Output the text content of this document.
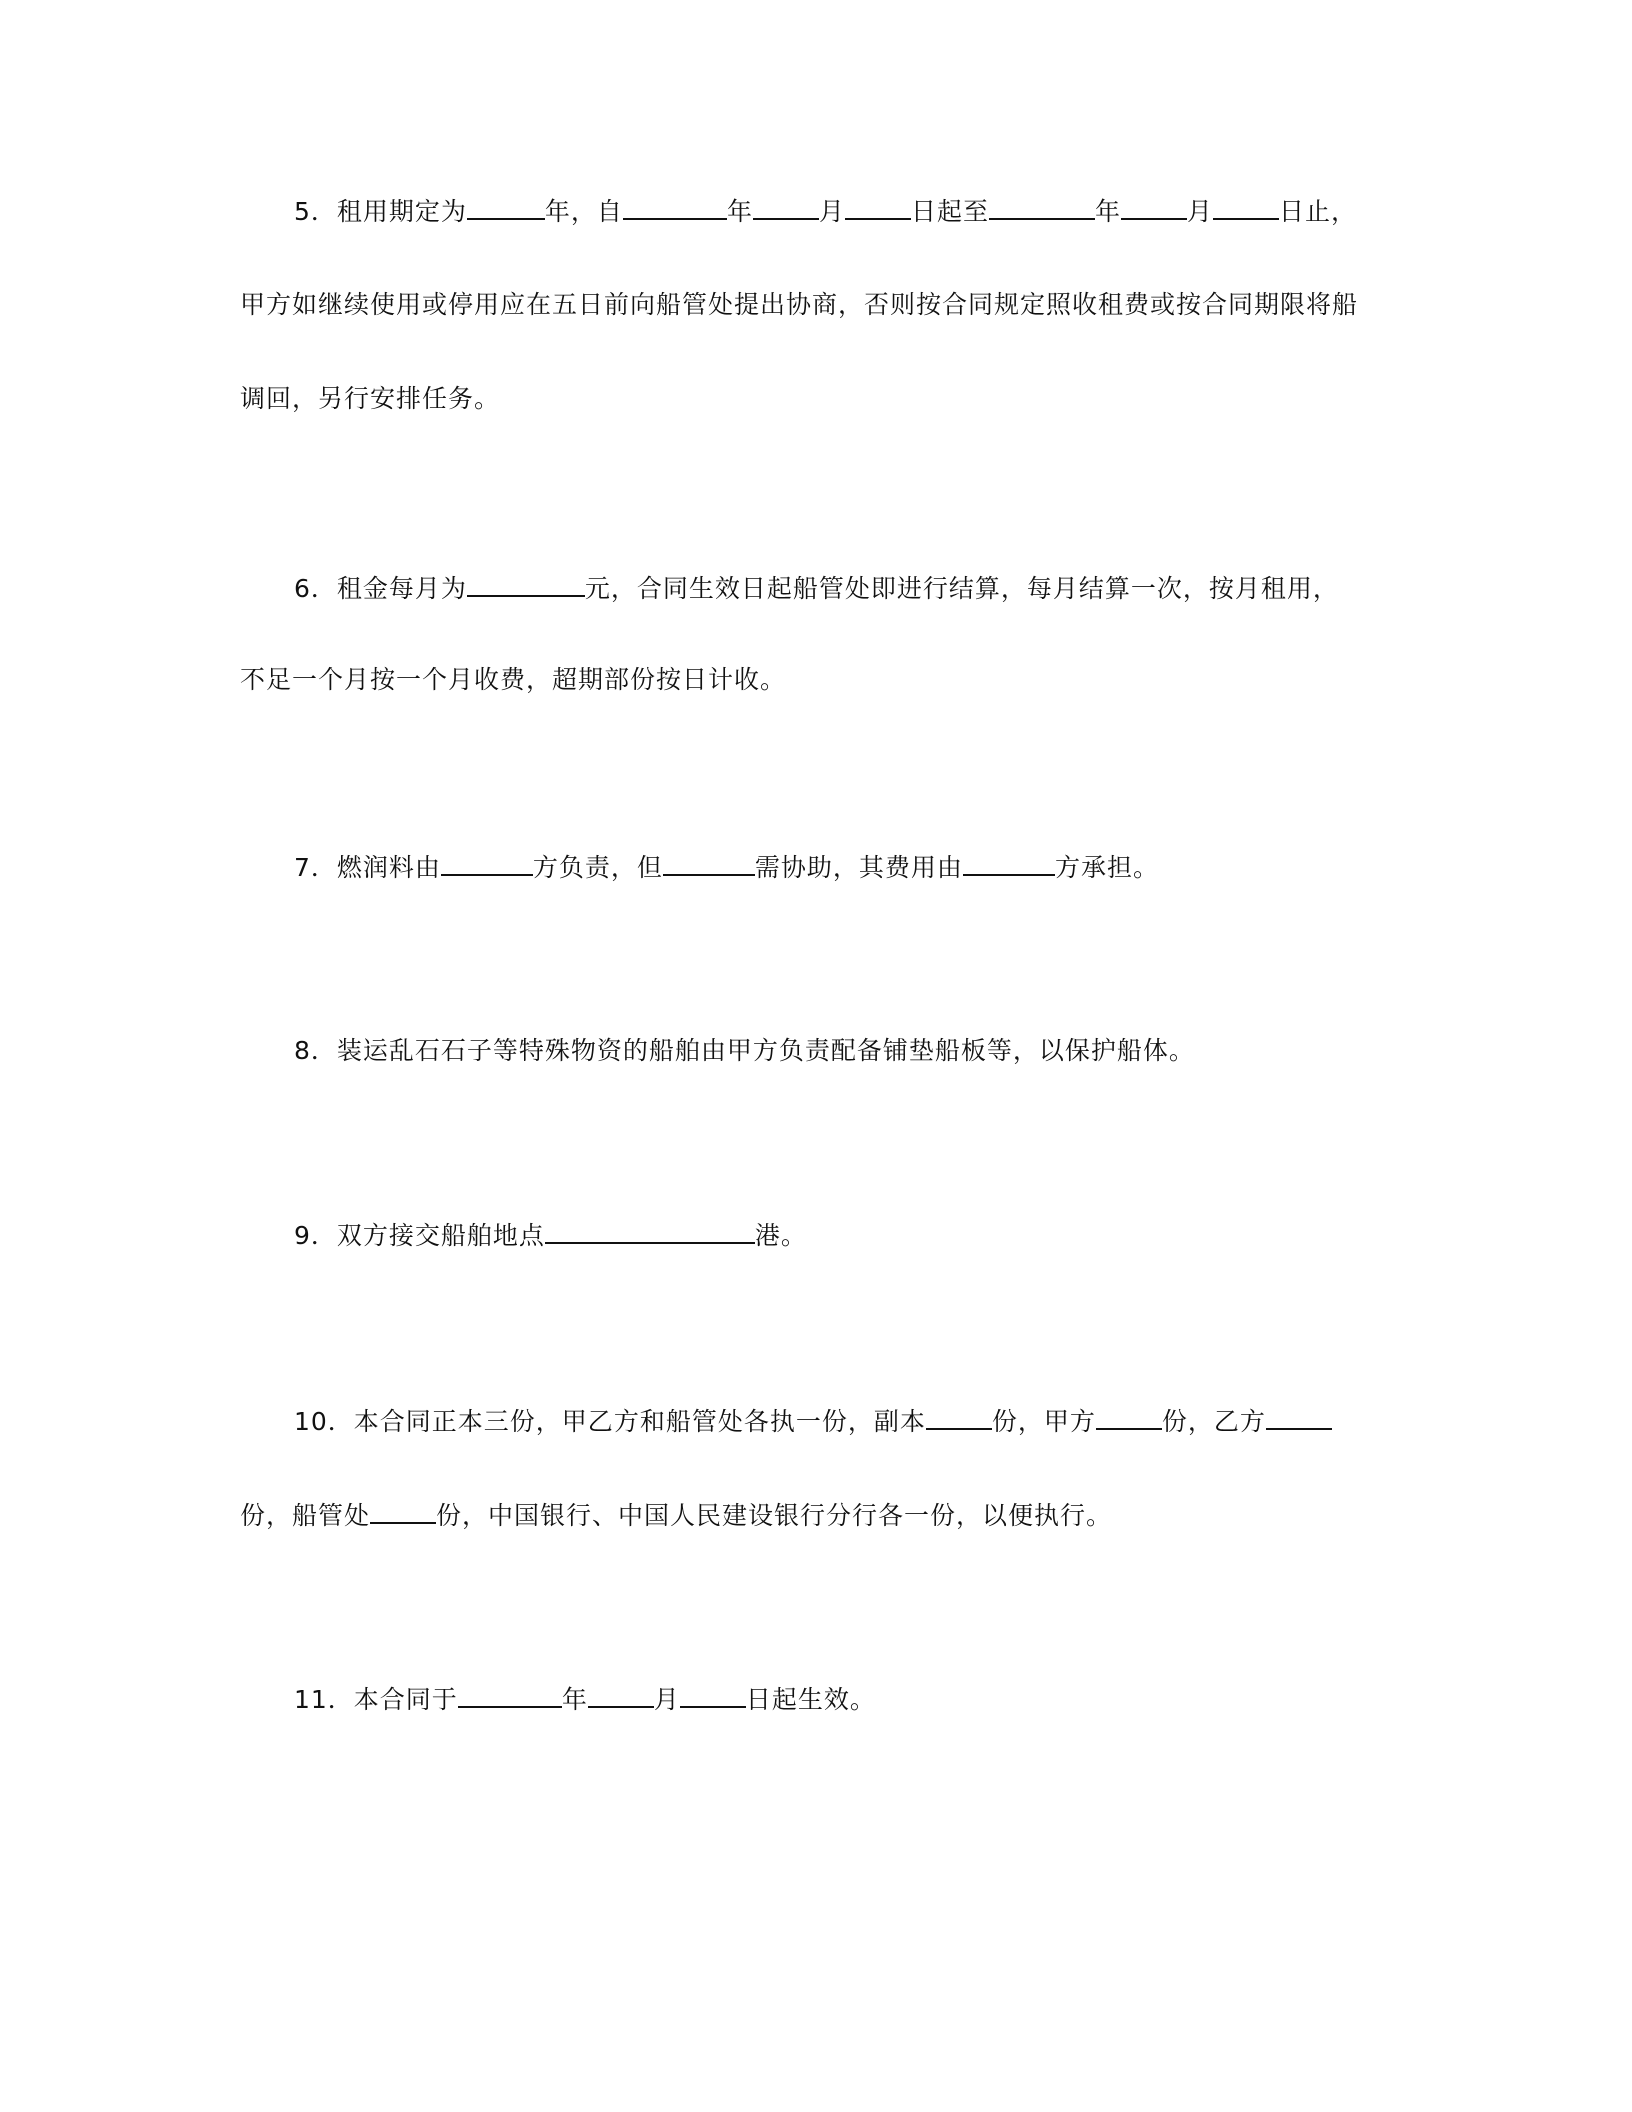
5．租用期定为	年，自	年	月	日起至	年	月	日止，
甲方如继续使用或停用应在五日前向船管处提出协商，否则按合同规定照收租费或按合同期限将船
调回，另行安排任务。
6．租金每月为	元，合同生效日起船管处即进行结算，每月结算一次，按月租用，
不足一个月按一个月收费，超期部份按日计收。
7．燃润料由	方负责，但	需协助，其费用由	方承担。
8．装运乱石石子等特殊物资的船舶由甲方负责配备铺垫船板等，以保护船体。
9．双方接交船舶地点	港。
10．本合同正本三份，甲乙方和船管处各执一份，副本	份，甲方	份，乙方
份，船管处	份，中国银行、中国人民建设银行分行各一份，以便执行。
11．本合同于	年	月	日起生效。
